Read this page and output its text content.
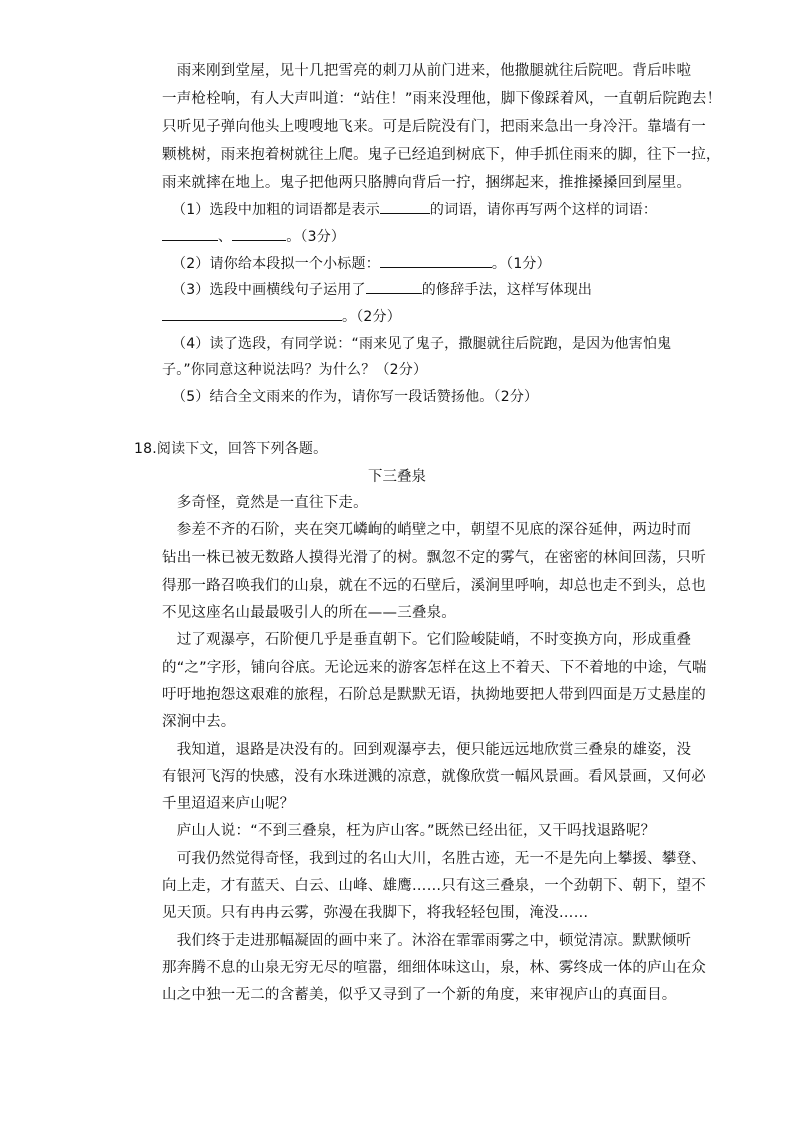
　雨来刚到堂屋，见十几把雪亮的刺刀从前门进来，他撒腿就往后院吧。背后咔啦
一声枪栓响，有人大声叫道：“站住！”雨来没理他，脚下像踩着风，一直朝后院跑去！
只听见子弹向他头上嗖嗖地飞来。可是后院没有门，把雨来急出一身冷汗。靠墙有一
颗桃树，雨来抱着树就往上爬。鬼子已经追到树底下，伸手抓住雨来的脚，往下一拉，
雨来就摔在地上。鬼子把他两只胳膊向背后一拧，捆绑起来，推推搡搡回到屋里。
（1）选段中加粗的词语都是表示	的词语，请你再写两个这样的词语：
、	。（3分）
（2）请你给本段拟一个小标题：	。（1分）
（3）选段中画横线句子运用了	的修辞手法，这样写体现出
。（2分）
（4）读了选段，有同学说：“雨来见了鬼子，撒腿就往后院跑，是因为他害怕鬼
子。”你同意这种说法吗？为什么？（2分）
（5）结合全文雨来的作为，请你写一段话赞扬他。（2分）
18.阅读下文，回答下列各题。
下三叠泉
　多奇怪，竟然是一直往下走。
　参差不齐的石阶，夹在突兀嶙峋的峭壁之中，朝望不见底的深谷延伸，两边时而
钻出一株已被无数路人摸得光滑了的树。飘忽不定的雾气，在密密的林间回荡，只听
得那一路召唤我们的山泉，就在不远的石壁后，溪涧里呼响，却总也走不到头，总也
不见这座名山最最吸引人的所在——三叠泉。
　过了观瀑亭，石阶便几乎是垂直朝下。它们险峻陡峭，不时变换方向，形成重叠
的“之”字形，铺向谷底。无论远来的游客怎样在这上不着天、下不着地的中途，气喘
吁吁地抱怨这艰难的旅程，石阶总是默默无语，执拗地要把人带到四面是万丈悬崖的
深涧中去。
　我知道，退路是决没有的。回到观瀑亭去，便只能远远地欣赏三叠泉的雄姿，没
有银河飞泻的快感，没有水珠迸溅的凉意，就像欣赏一幅风景画。看风景画，又何必
千里迢迢来庐山呢？
　庐山人说：“不到三叠泉，枉为庐山客。”既然已经出征，又干吗找退路呢？
　可我仍然觉得奇怪，我到过的名山大川，名胜古迹，无一不是先向上攀援、攀登、
向上走，才有蓝天、白云、山峰、雄鹰……只有这三叠泉，一个劲朝下、朝下，望不
见天顶。只有冉冉云雾，弥漫在我脚下，将我轻轻包围，淹没……
　我们终于走进那幅凝固的画中来了。沐浴在霏霏雨雾之中，顿觉清凉。默默倾听
那奔腾不息的山泉无穷无尽的喧嚣，细细体味这山，泉，林、雾终成一体的庐山在众
山之中独一无二的含蓄美，似乎又寻到了一个新的角度，来审视庐山的真面目。
